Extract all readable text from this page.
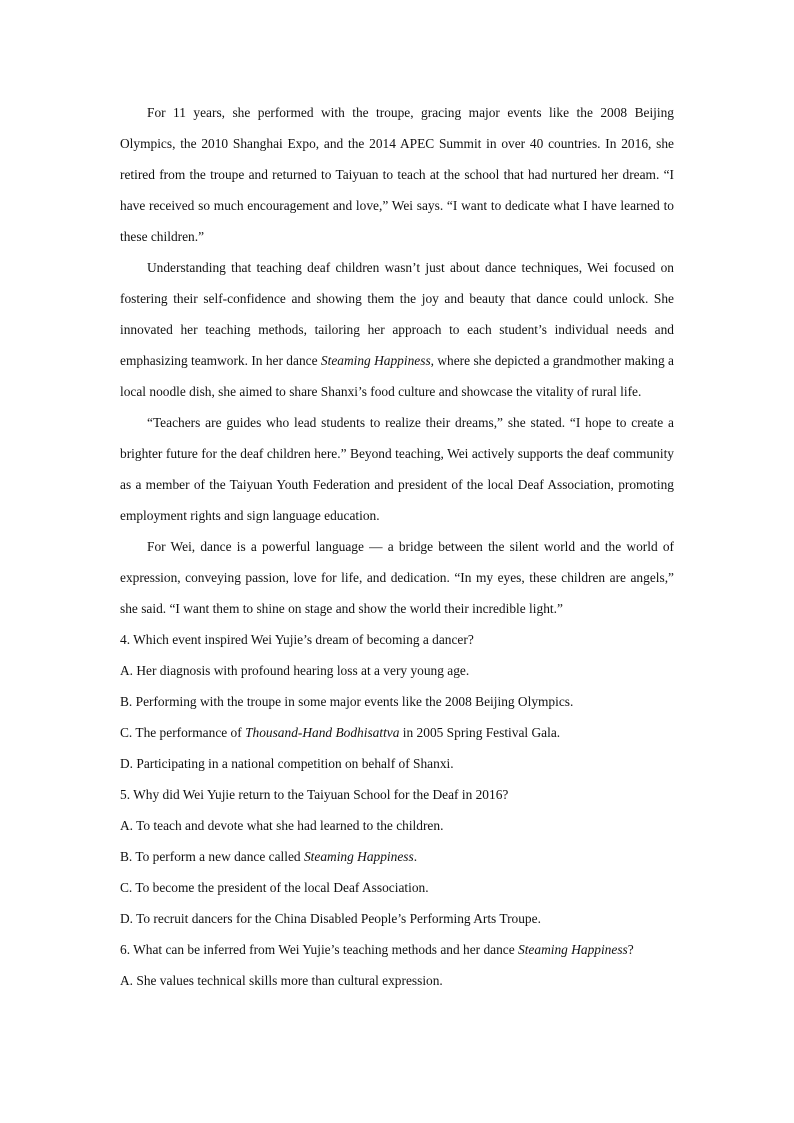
For 11 years, she performed with the troupe, gracing major events like the 2008 Beijing Olympics, the 2010 Shanghai Expo, and the 2014 APEC Summit in over 40 countries. In 2016, she retired from the troupe and returned to Taiyuan to teach at the school that had nurtured her dream. “I have received so much encouragement and love,” Wei says. “I want to dedicate what I have learned to these children.”

Understanding that teaching deaf children wasn’t just about dance techniques, Wei focused on fostering their self-confidence and showing them the joy and beauty that dance could unlock. She innovated her teaching methods, tailoring her approach to each student’s individual needs and emphasizing teamwork. In her dance Steaming Happiness, where she depicted a grandmother making a local noodle dish, she aimed to share Shanxi’s food culture and showcase the vitality of rural life.

“Teachers are guides who lead students to realize their dreams,” she stated. “I hope to create a brighter future for the deaf children here.” Beyond teaching, Wei actively supports the deaf community as a member of the Taiyuan Youth Federation and president of the local Deaf Association, promoting employment rights and sign language education.

For Wei, dance is a powerful language — a bridge between the silent world and the world of expression, conveying passion, love for life, and dedication. “In my eyes, these children are angels,” she said. “I want them to shine on stage and show the world their incredible light.”

4. Which event inspired Wei Yujie’s dream of becoming a dancer?

A. Her diagnosis with profound hearing loss at a very young age.

B. Performing with the troupe in some major events like the 2008 Beijing Olympics.

C. The performance of Thousand-Hand Bodhisattva in 2005 Spring Festival Gala.

D. Participating in a national competition on behalf of Shanxi.

5. Why did Wei Yujie return to the Taiyuan School for the Deaf in 2016?

A. To teach and devote what she had learned to the children.

B. To perform a new dance called Steaming Happiness.

C. To become the president of the local Deaf Association.

D. To recruit dancers for the China Disabled People’s Performing Arts Troupe.

6. What can be inferred from Wei Yujie’s teaching methods and her dance Steaming Happiness?

A. She values technical skills more than cultural expression.
